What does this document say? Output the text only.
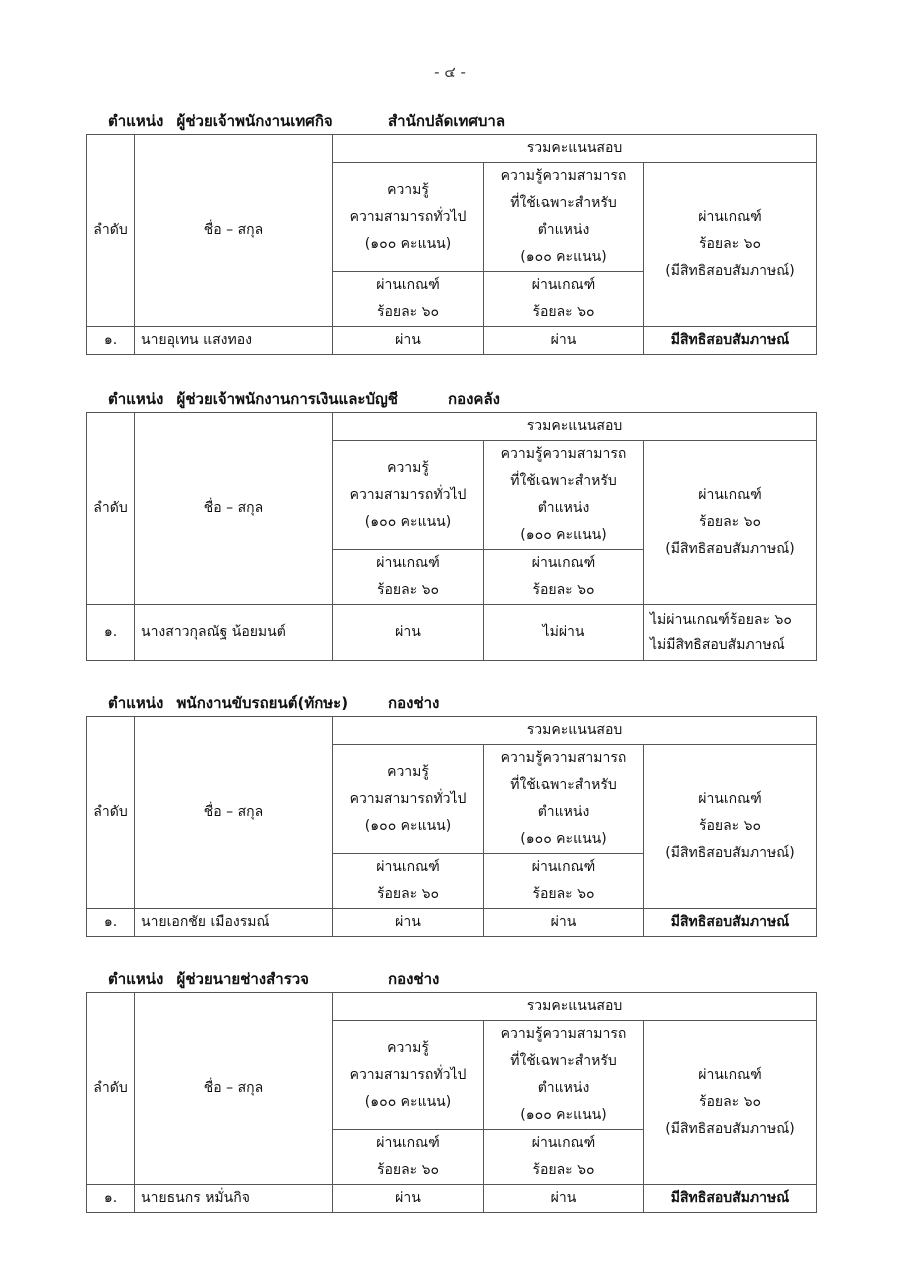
- ๔ -
ตำแหน่ง ผู้ช่วยเจ้าพนักงานเทศกิจ	สำนักปลัดเทศบาล
ลำดับ	ชื่อ – สกุล	รวมคะแนนสอบ		

		ความรู้
ความสามารถทั่วไป
(๑๐๐ คะแนน)	ความรู้ความสามารถ
ที่ใช้เฉพาะสำหรับ
ตำแหน่ง
(๑๐๐ คะแนน)	ผ่านเกณฑ์
ร้อยละ ๖๐
(มีสิทธิสอบสัมภาษณ์)

		ผ่านเกณฑ์
ร้อยละ ๖๐	ผ่านเกณฑ์
ร้อยละ ๖๐	

๑.	นายอุเทน แสงทอง	ผ่าน	ผ่าน	มีสิทธิสอบสัมภาษณ์
ตำแหน่ง ผู้ช่วยเจ้าพนักงานการเงินและบัญชี	กองคลัง
ลำดับ	ชื่อ – สกุล	รวมคะแนนสอบ		

		ความรู้
ความสามารถทั่วไป
(๑๐๐ คะแนน)	ความรู้ความสามารถ
ที่ใช้เฉพาะสำหรับ
ตำแหน่ง
(๑๐๐ คะแนน)	ผ่านเกณฑ์
ร้อยละ ๖๐
(มีสิทธิสอบสัมภาษณ์)

		ผ่านเกณฑ์
ร้อยละ ๖๐	ผ่านเกณฑ์
ร้อยละ ๖๐	

๑.	นางสาวกุลณัฐ น้อยมนต์	ผ่าน	ไม่ผ่าน	ไม่ผ่านเกณฑ์ร้อยละ ๖๐
ไม่มีสิทธิสอบสัมภาษณ์
ตำแหน่ง พนักงานขับรถยนต์(ทักษะ)	กองช่าง
ลำดับ	ชื่อ – สกุล	รวมคะแนนสอบ		

		ความรู้
ความสามารถทั่วไป
(๑๐๐ คะแนน)	ความรู้ความสามารถ
ที่ใช้เฉพาะสำหรับ
ตำแหน่ง
(๑๐๐ คะแนน)	ผ่านเกณฑ์
ร้อยละ ๖๐
(มีสิทธิสอบสัมภาษณ์)

		ผ่านเกณฑ์
ร้อยละ ๖๐	ผ่านเกณฑ์
ร้อยละ ๖๐	

๑.	นายเอกชัย เมืองรมณ์	ผ่าน	ผ่าน	มีสิทธิสอบสัมภาษณ์
ตำแหน่ง ผู้ช่วยนายช่างสำรวจ	กองช่าง
ลำดับ	ชื่อ – สกุล	รวมคะแนนสอบ		

		ความรู้
ความสามารถทั่วไป
(๑๐๐ คะแนน)	ความรู้ความสามารถ
ที่ใช้เฉพาะสำหรับ
ตำแหน่ง
(๑๐๐ คะแนน)	ผ่านเกณฑ์
ร้อยละ ๖๐
(มีสิทธิสอบสัมภาษณ์)

		ผ่านเกณฑ์
ร้อยละ ๖๐	ผ่านเกณฑ์
ร้อยละ ๖๐	

๑.	นายธนกร หมั่นกิจ	ผ่าน	ผ่าน	มีสิทธิสอบสัมภาษณ์
